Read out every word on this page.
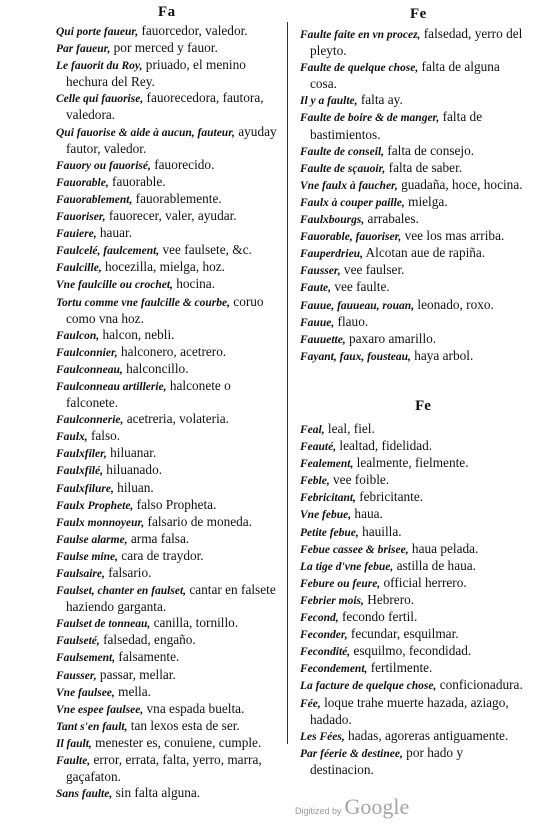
Fa	Fe
Qui porte faueur, fauorcedor, valedor.
Par faueur, por merced y fauor.
Le fauorit du Roy, priuado, el menino hechura del Rey.
Celle qui fauorise, fauorecedora, fautora, valedora.
Qui fauorise & aide à aucun, fauteur, ayuday fautor, valedor.
Fauory ou fauorisé, fauorecido.
Fauorable, fauorable.
Fauorablement, fauorablemente.
Fauoriser, fauorecer, valer, ayudar.
Fauiere, hauar.
Faulcelé, faulcement, vee faulsete, &c.
Faulcille, hocezilla, mielga, hoz.
Vne faulcille ou crochet, hocina.
Tortu comme vne faulcille & courbe, coruo como vna hoz.
Faulcon, halcon, nebli.
Faulconnier, halconero, acetrero.
Faulconneau, halconcillo.
Faulconneau artillerie, halconete o falconete.
Faulconnerie, acetreria, volateria.
Faulx, falso.
Faulxfiler, hiluanar.
Faulxfilé, hiluanado.
Faulxfilure, hiluan.
Faulx Prophete, falso Propheta.
Faulx monnoyeur, falsario de moneda.
Faulse alarme, arma falsa.
Faulse mine, cara de traydor.
Faulsaire, falsario.
Faulset, chanter en faulset, cantar en falsete haziendo garganta.
Faulset de tonneau, canilla, tornillo.
Faulseté, falsedad, engaño.
Faulsement, falsamente.
Fausser, passar, mellar.
Vne faulsee, mella.
Vne espee faulsee, vna espada buelta.
Tant s'en fault, tan lexos esta de ser.
Il fault, menester es, conuiene, cumple.
Faulte, error, errata, falta, yerro, marra, gaçafaton.
Sans faulte, sin falta alguna.
Faulte faite en vn procez, falsedad, yerro del pleyto.
Faulte de quelque chose, falta de alguna cosa.
Il y a faulte, falta ay.
Faulte de boire & de manger, falta de bastimientos.
Faulte de conseil, falta de consejo.
Faulte de sçauoir, falta de saber.
Vne faulx à faucher, guadaña, hoce, hocina.
Faulx à couper paille, mielga.
Faulxbourgs, arrabales.
Fauorable, fauoriser, vee los mas arriba.
Fauperdrieu, Alcotan aue de rapiña.
Fausser, vee faulser.
Faute, vee faulte.
Fauue, fauueau, rouan, leonado, roxo.
Fauue, flauo.
Fauuette, paxaro amarillo.
Fayant, faux, fousteau, haya arbol.
Fe
Feal, leal, fiel.
Feauté, lealtad, fidelidad.
Fealement, lealmente, fielmente.
Feble, vee foible.
Febricitant, febricitante.
Vne febue, haua.
Petite febue, hauilla.
Febue cassee & brisee, haua pelada.
La tige d'vne febue, astilla de haua.
Febure ou feure, official herrero.
Febrier mois, Hebrero.
Fecond, fecondo fertil.
Feconder, fecundar, esquilmar.
Fecondité, esquilmo, fecondidad.
Fecondement, fertilmente.
La facture de quelque chose, conficionadura.
Fée, loque trahe muerte hazada, aziago, hadado.
Les Fées, hadas, agoreras antiguamente.
Par féerie & destinee, por hado y destinacion.
Digitized by Google
